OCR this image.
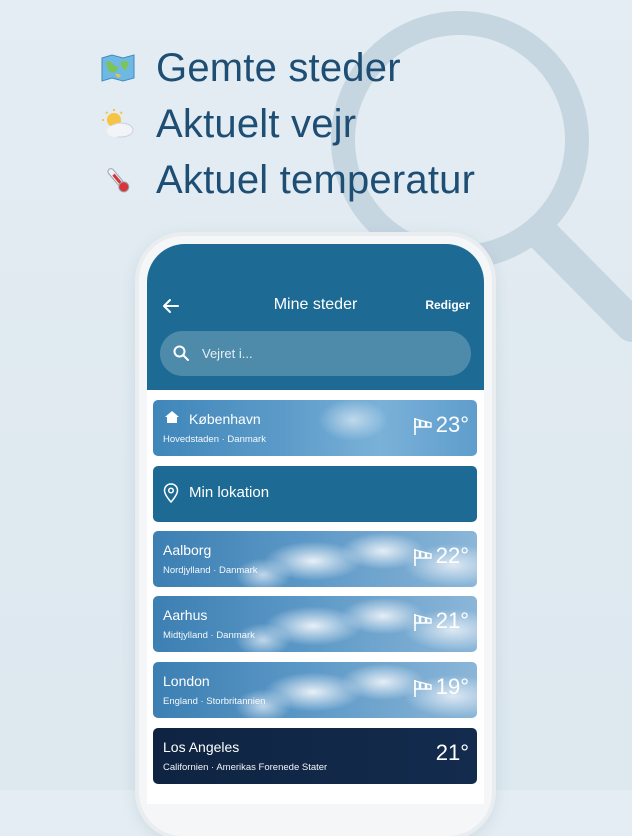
Gemte steder
Aktuelt vejr
Aktuel temperatur
Mine steder	Rediger
Vejret i...
København
Hovedstaden · Danmark
23°
Min lokation
Aalborg
Nordjylland · Danmark
22°
Aarhus
Midtjylland · Danmark
21°
London
England · Storbritannien
19°
Los Angeles
Californien · Amerikas Forenede Stater
21°
